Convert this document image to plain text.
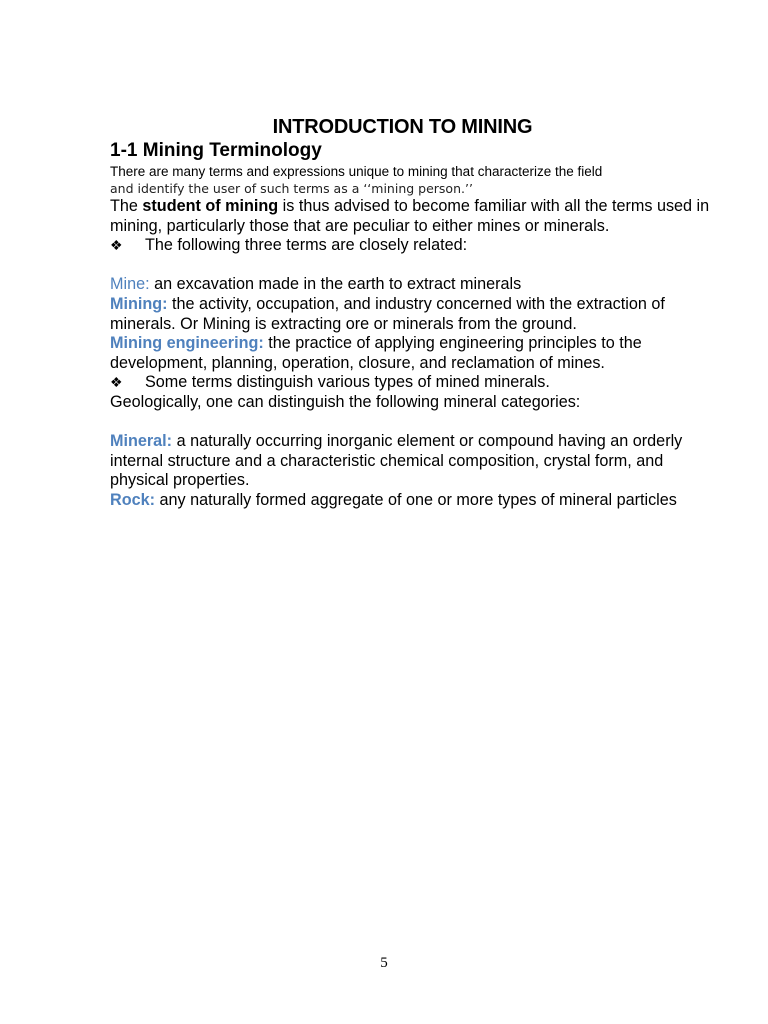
INTRODUCTION TO MINING
1-1 Mining Terminology

There are many terms and expressions unique to mining that characterize the field
and identify the user of such terms as a ‘‘mining person.’’

The student of mining is thus advised to become familiar with all the terms used in mining, particularly those that are peculiar to either mines or minerals.

❖	The following three terms are closely related:

Mine: an excavation made in the earth to extract minerals

Mining: the activity, occupation, and industry concerned with the extraction of minerals. Or Mining is extracting ore or minerals from the ground.

Mining engineering: the practice of applying engineering principles to the development, planning, operation, closure, and reclamation of mines.

❖	Some terms distinguish various types of mined minerals.

Geologically, one can distinguish the following mineral categories:

Mineral: a naturally occurring inorganic element or compound having an orderly internal structure and a characteristic chemical composition, crystal form, and physical properties.

Rock: any naturally formed aggregate of one or more types of mineral particles

5
